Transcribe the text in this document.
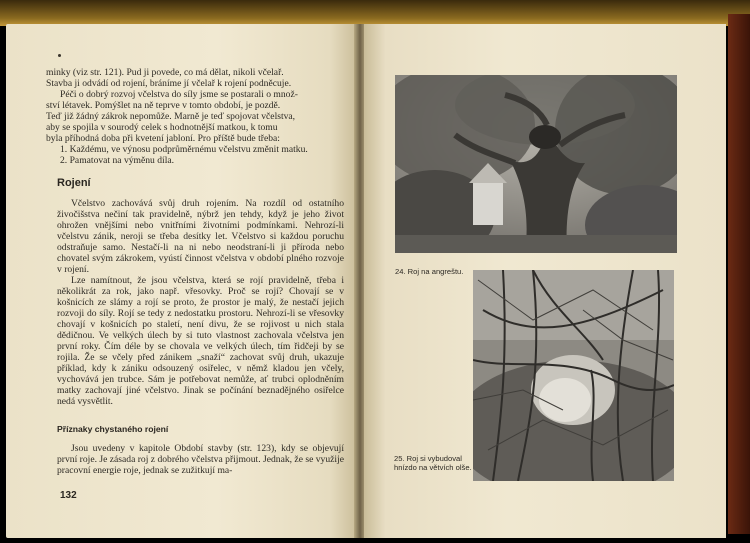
minky (viz str. 121). Pud ji povede, co má dělat, nikoli včelař.

Stavba ji odvádí od rojení, bráníme jí včelař k rojení podněcuje.

Péči o dobrý rozvoj včelstva do síly jsme se postarali o množ-

ství létavek. Pomýšlet na ně teprve v tomto období, je pozdě.

Teď již žádný zákrok nepomůže. Marně je teď spojovat včelstva,

aby se spojila v sourodý celek s hodnotnější matkou, k tomu

byla příhodná doba při kvetení jabloní. Pro příště bude třeba:

1. Každému, ve výnosu podprůměrnému včelstvu změnit matku.

2. Pamatovat na výměnu díla.

Rojení

Včelstvo zachovává svůj druh rojením. Na rozdíl od ostatního živočišstva nečiní tak pravidelně, nýbrž jen tehdy, když je jeho život ohrožen vnějšími nebo vnitřními životními podmínkami. Nehrozí-li včelstvu zánik, neroji se třeba desítky let. Včelstvo si každou poruchu odstraňuje samo. Nestačí-li na ni nebo neodstraní-li ji příroda nebo chovatel svým zákrokem, vyústí činnost včelstva v období plného rozvoje v rojení.

Lze namítnout, že jsou včelstva, která se rojí pravidelně, třeba i několikrát za rok, jako např. vřesovky. Proč se rojí? Chovají se v košnicích ze slámy a rojí se proto, že prostor je malý, že nestačí jejich rozvoji do síly. Rojí se tedy z nedostatku prostoru. Nehrozí-li se vřesovky chovají v košnicích po staletí, není divu, že se rojivost u nich stala dědičnou. Ve velkých úlech by si tuto vlastnost zachovala včelstva jen první roky. Čím déle by se chovala ve velkých úlech, tím řidčeji by se rojila. Že se včely před zánikem „snaží“ zachovat svůj druh, ukazuje příklad, kdy k zániku odsouzený osiřelec, v němž kladou jen včely, vychovává jen trubce. Sám je potřebovat nemůže, ať trubci oplodněním matky zachovají jiné včelstvo. Jinak se počínání beznadějného osiřelce nedá vysvětlit.

Příznaky chystaného rojení

Jsou uvedeny v kapitole Období stavby (str. 123), kdy se objevují první roje. Je zásada roj z dobrého včelstva přijmout. Jednak, že se využije pracovní energie roje, jednak se zužitkují ma-

132
24. Roj na angreštu.
25. Roj si vybudoval hnízdo na větvích olše.
